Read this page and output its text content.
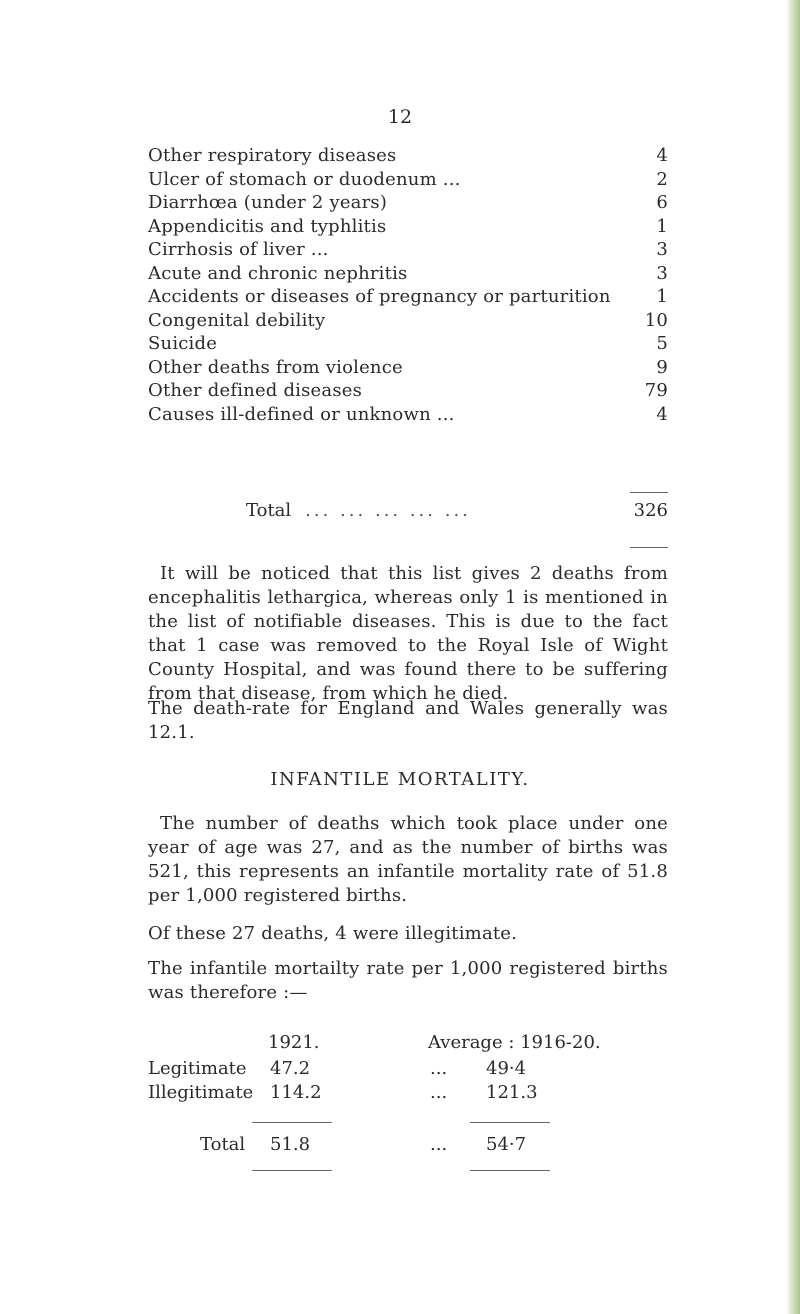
12
Other respiratory diseases	4
Ulcer of stomach or duodenum ...	2
Diarrhœa (under 2 years)	6
Appendicitis and typhlitis	1
Cirrhosis of liver ...	3
Acute and chronic nephritis	3
Accidents or diseases of pregnancy or parturition	1
Congenital debility	10
Suicide	5
Other deaths from violence	9
Other defined diseases	79
Causes ill-defined or unknown ...	4
Total ... ... ... ... ...	326

It will be noticed that this list gives 2 deaths from encephalitis lethargica, whereas only 1 is mentioned in the list of notifiable diseases. This is due to the fact that 1 case was removed to the Royal Isle of Wight County Hospital, and was found there to be suffering from that disease, from which he died.

The death-rate for England and Wales generally was 12.1.

INFANTILE MORTALITY.

The number of deaths which took place under one year of age was 27, and as the number of births was 521, this represents an infantile mortality rate of 51.8 per 1,000 registered births.

Of these 27 deaths, 4 were illegitimate.

The infantile mortailty rate per 1,000 registered births was therefore :—

1921.	Average : 1916-20.
Legitimate 47.2	... 49·4
Illegitimate 114.2	... 121.3
Total 51.8	... 54·7
